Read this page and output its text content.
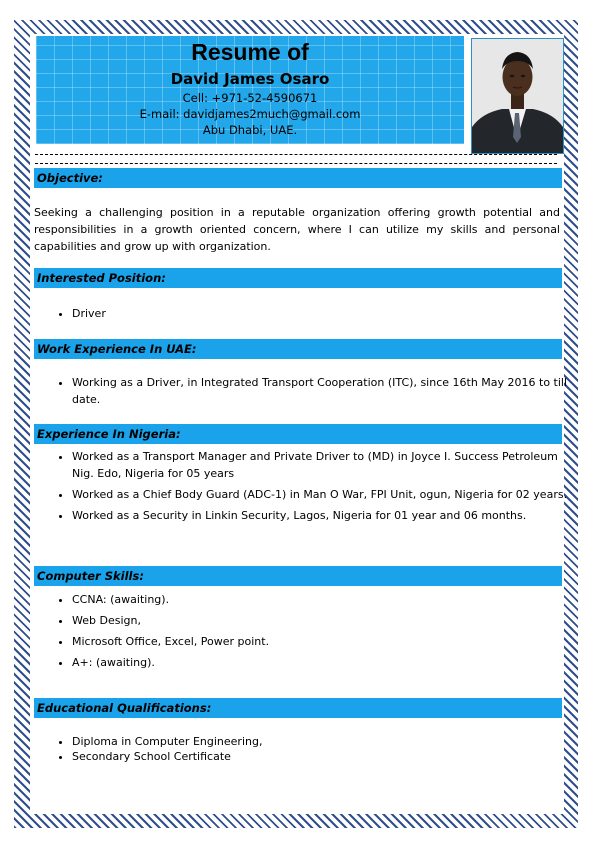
Resume of
David James Osaro
Cell: +971-52-4590671
E-mail: davidjames2much@gmail.com
Abu Dhabi, UAE.
Objective:
Seeking a challenging position in a reputable organization offering growth potential and responsibilities in a growth oriented concern, where I can utilize my skills and personal capabilities and grow up with organization.
Interested Position:
• Driver
Work Experience In UAE:
• Working as a Driver, in Integrated Transport Cooperation (ITC), since 16th May 2016 to till date.
Experience In Nigeria:
• Worked as a Transport Manager and Private Driver to (MD) in Joyce I. Success Petroleum Nig. Edo, Nigeria for 05 years
• Worked as a Chief Body Guard (ADC-1) in Man O War, FPI Unit, ogun, Nigeria for 02 years.
• Worked as a Security in Linkin Security, Lagos, Nigeria for 01 year and 06 months.
Computer Skills:
• CCNA: (awaiting).
• Web Design,
• Microsoft Office, Excel, Power point.
• A+: (awaiting).
Educational Qualifications:
• Diploma in Computer Engineering,
• Secondary School Certificate
